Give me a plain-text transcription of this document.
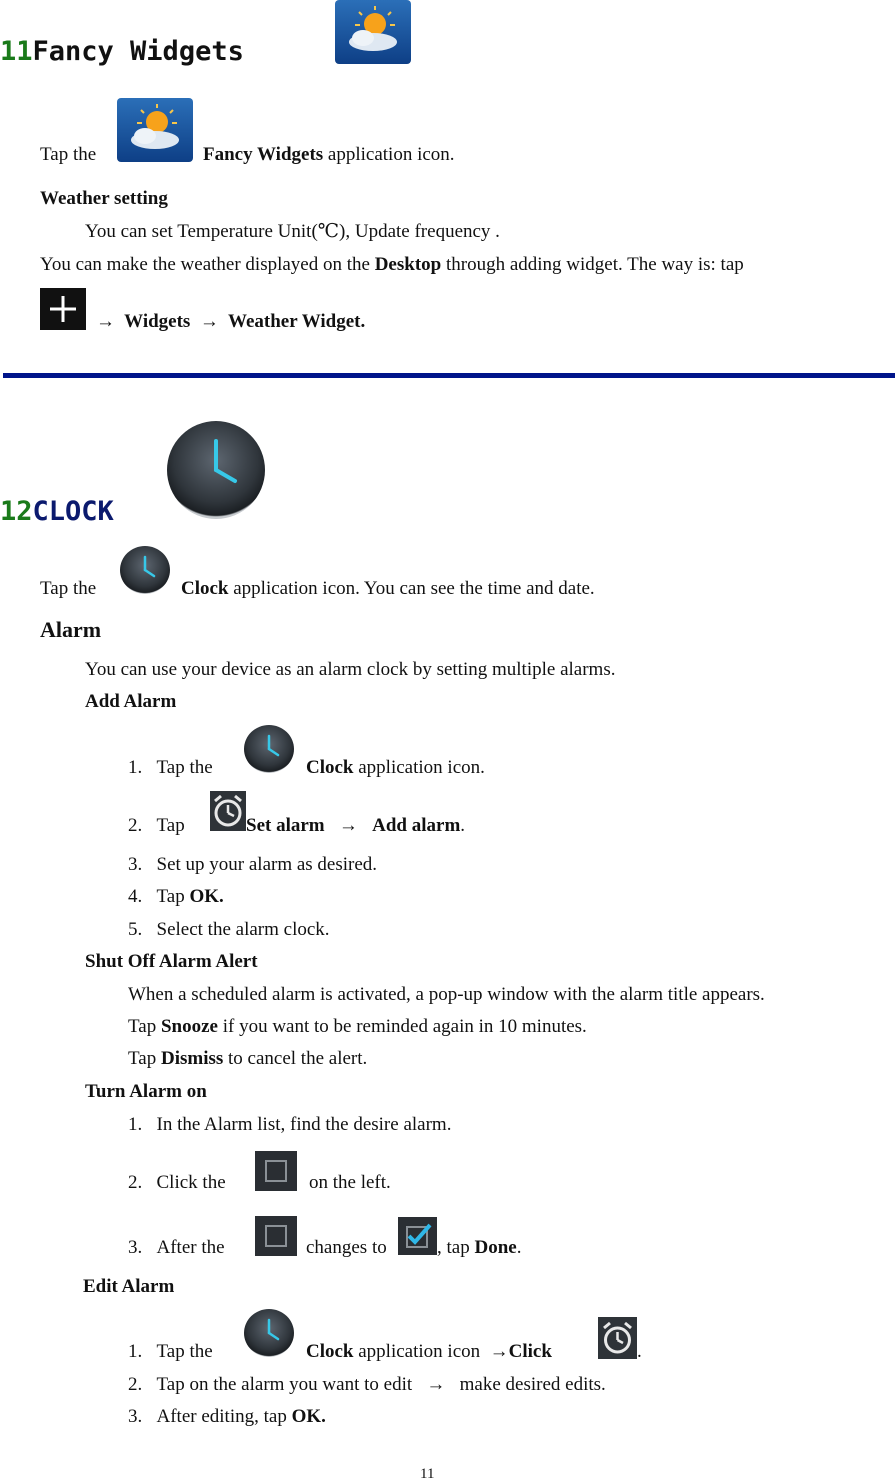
11Fancy Widgets
Tap the	Fancy Widgets application icon.
Weather setting
You can set Temperature Unit(℃), Update frequency .
You can make the weather displayed on the Desktop through adding widget. The way is: tap
→ Widgets → Weather Widget.
12CLOCK
Tap the	Clock application icon. You can see the time and date.
Alarm
You can use your device as an alarm clock by setting multiple alarms.
Add Alarm
1. Tap the	Clock application icon.
2. Tap	Set alarm → Add alarm.
3. Set up your alarm as desired.
4. Tap OK.
5. Select the alarm clock.
Shut Off Alarm Alert
When a scheduled alarm is activated, a pop-up window with the alarm title appears.
Tap Snooze if you want to be reminded again in 10 minutes.
Tap Dismiss to cancel the alert.
Turn Alarm on
1. In the Alarm list, find the desire alarm.
2. Click the	on the left.
3. After the	changes to	, tap Done.
Edit Alarm
1. Tap the	Clock application icon →Click	.
2. Tap on the alarm you want to edit → make desired edits.
3. After editing, tap OK.
11
